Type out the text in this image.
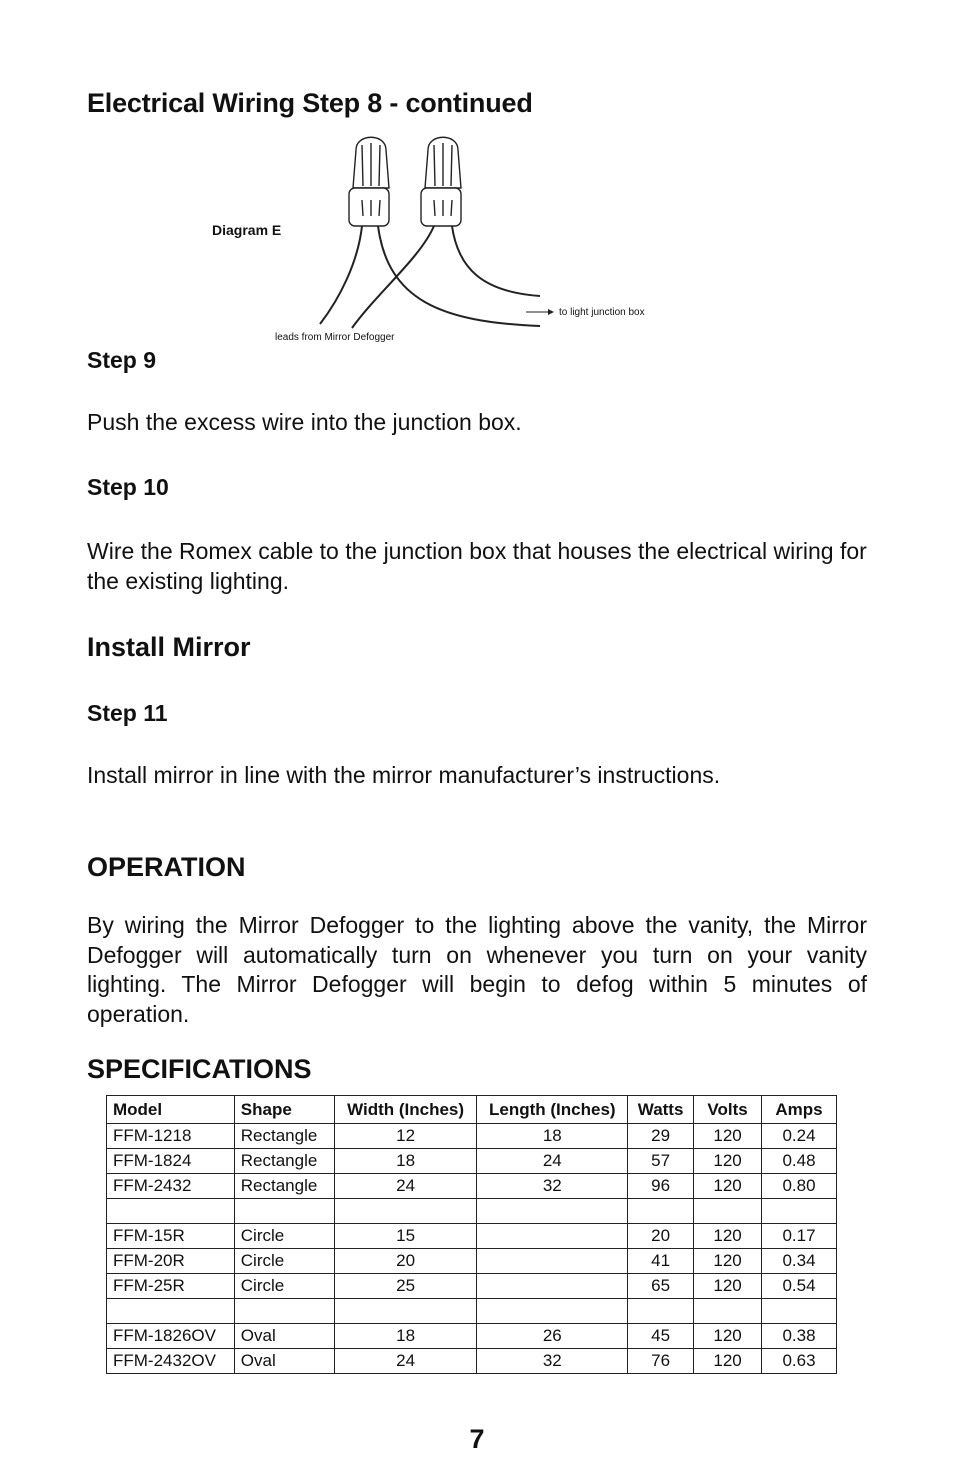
Electrical Wiring Step 8 - continued
Diagram E
to light junction box
leads from Mirror Defogger
Step 9

Push the excess wire into the junction box.

Step 10

Wire the Romex cable to the junction box that houses the electrical wiring for the existing lighting.

Install Mirror
Step 11

Install mirror in line with the mirror manufacturer’s instructions.

OPERATION

By wiring the Mirror Defogger to the lighting above the vanity, the Mirror Defogger will automatically turn on whenever you turn on your vanity lighting. The Mirror Defogger will begin to defog within 5 minutes of operation.

SPECIFICATIONS
Model	Shape	Width (Inches)	Length (Inches)	Watts	Volts	Amps
FFM-1218	Rectangle	12	18	29	120	0.24
FFM-1824	Rectangle	18	24	57	120	0.48
FFM-2432	Rectangle	24	32	96	120	0.80

FFM-15R	Circle	15		20	120	0.17
FFM-20R	Circle	20		41	120	0.34
FFM-25R	Circle	25		65	120	0.54

FFM-1826OV	Oval	18	26	45	120	0.38
FFM-2432OV	Oval	24	32	76	120	0.63
7
